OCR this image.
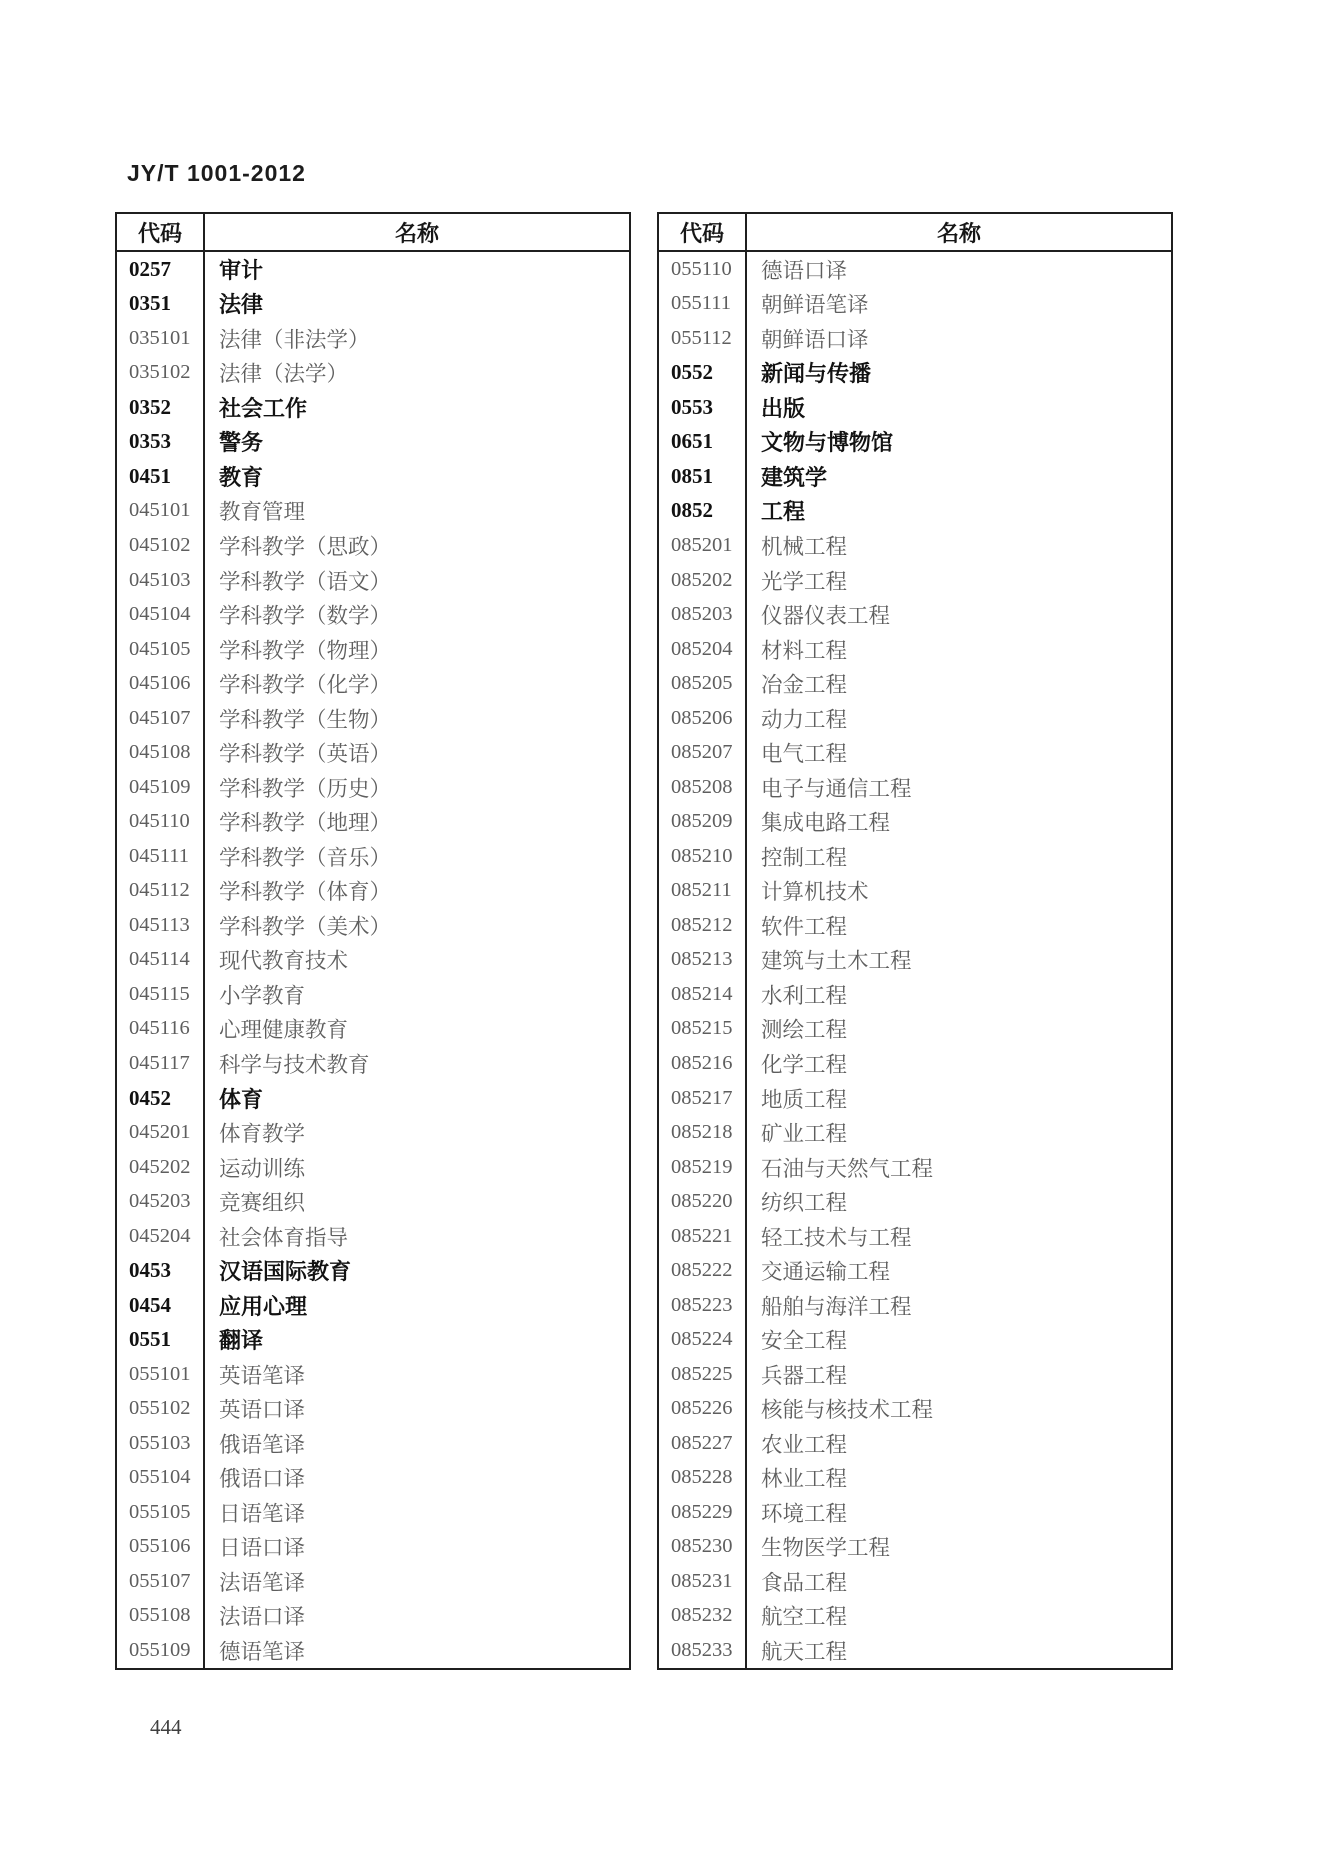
JY/T 1001-2012
代码	名称
0257	审计
0351	法律
035101	法律（非法学）
035102	法律（法学）
0352	社会工作
0353	警务
0451	教育
045101	教育管理
045102	学科教学（思政）
045103	学科教学（语文）
045104	学科教学（数学）
045105	学科教学（物理）
045106	学科教学（化学）
045107	学科教学（生物）
045108	学科教学（英语）
045109	学科教学（历史）
045110	学科教学（地理）
045111	学科教学（音乐）
045112	学科教学（体育）
045113	学科教学（美术）
045114	现代教育技术
045115	小学教育
045116	心理健康教育
045117	科学与技术教育
0452	体育
045201	体育教学
045202	运动训练
045203	竞赛组织
045204	社会体育指导
0453	汉语国际教育
0454	应用心理
0551	翻译
055101	英语笔译
055102	英语口译
055103	俄语笔译
055104	俄语口译
055105	日语笔译
055106	日语口译
055107	法语笔译
055108	法语口译
055109	德语笔译
代码	名称
055110	德语口译
055111	朝鲜语笔译
055112	朝鲜语口译
0552	新闻与传播
0553	出版
0651	文物与博物馆
0851	建筑学
0852	工程
085201	机械工程
085202	光学工程
085203	仪器仪表工程
085204	材料工程
085205	冶金工程
085206	动力工程
085207	电气工程
085208	电子与通信工程
085209	集成电路工程
085210	控制工程
085211	计算机技术
085212	软件工程
085213	建筑与土木工程
085214	水利工程
085215	测绘工程
085216	化学工程
085217	地质工程
085218	矿业工程
085219	石油与天然气工程
085220	纺织工程
085221	轻工技术与工程
085222	交通运输工程
085223	船舶与海洋工程
085224	安全工程
085225	兵器工程
085226	核能与核技术工程
085227	农业工程
085228	林业工程
085229	环境工程
085230	生物医学工程
085231	食品工程
085232	航空工程
085233	航天工程
444
